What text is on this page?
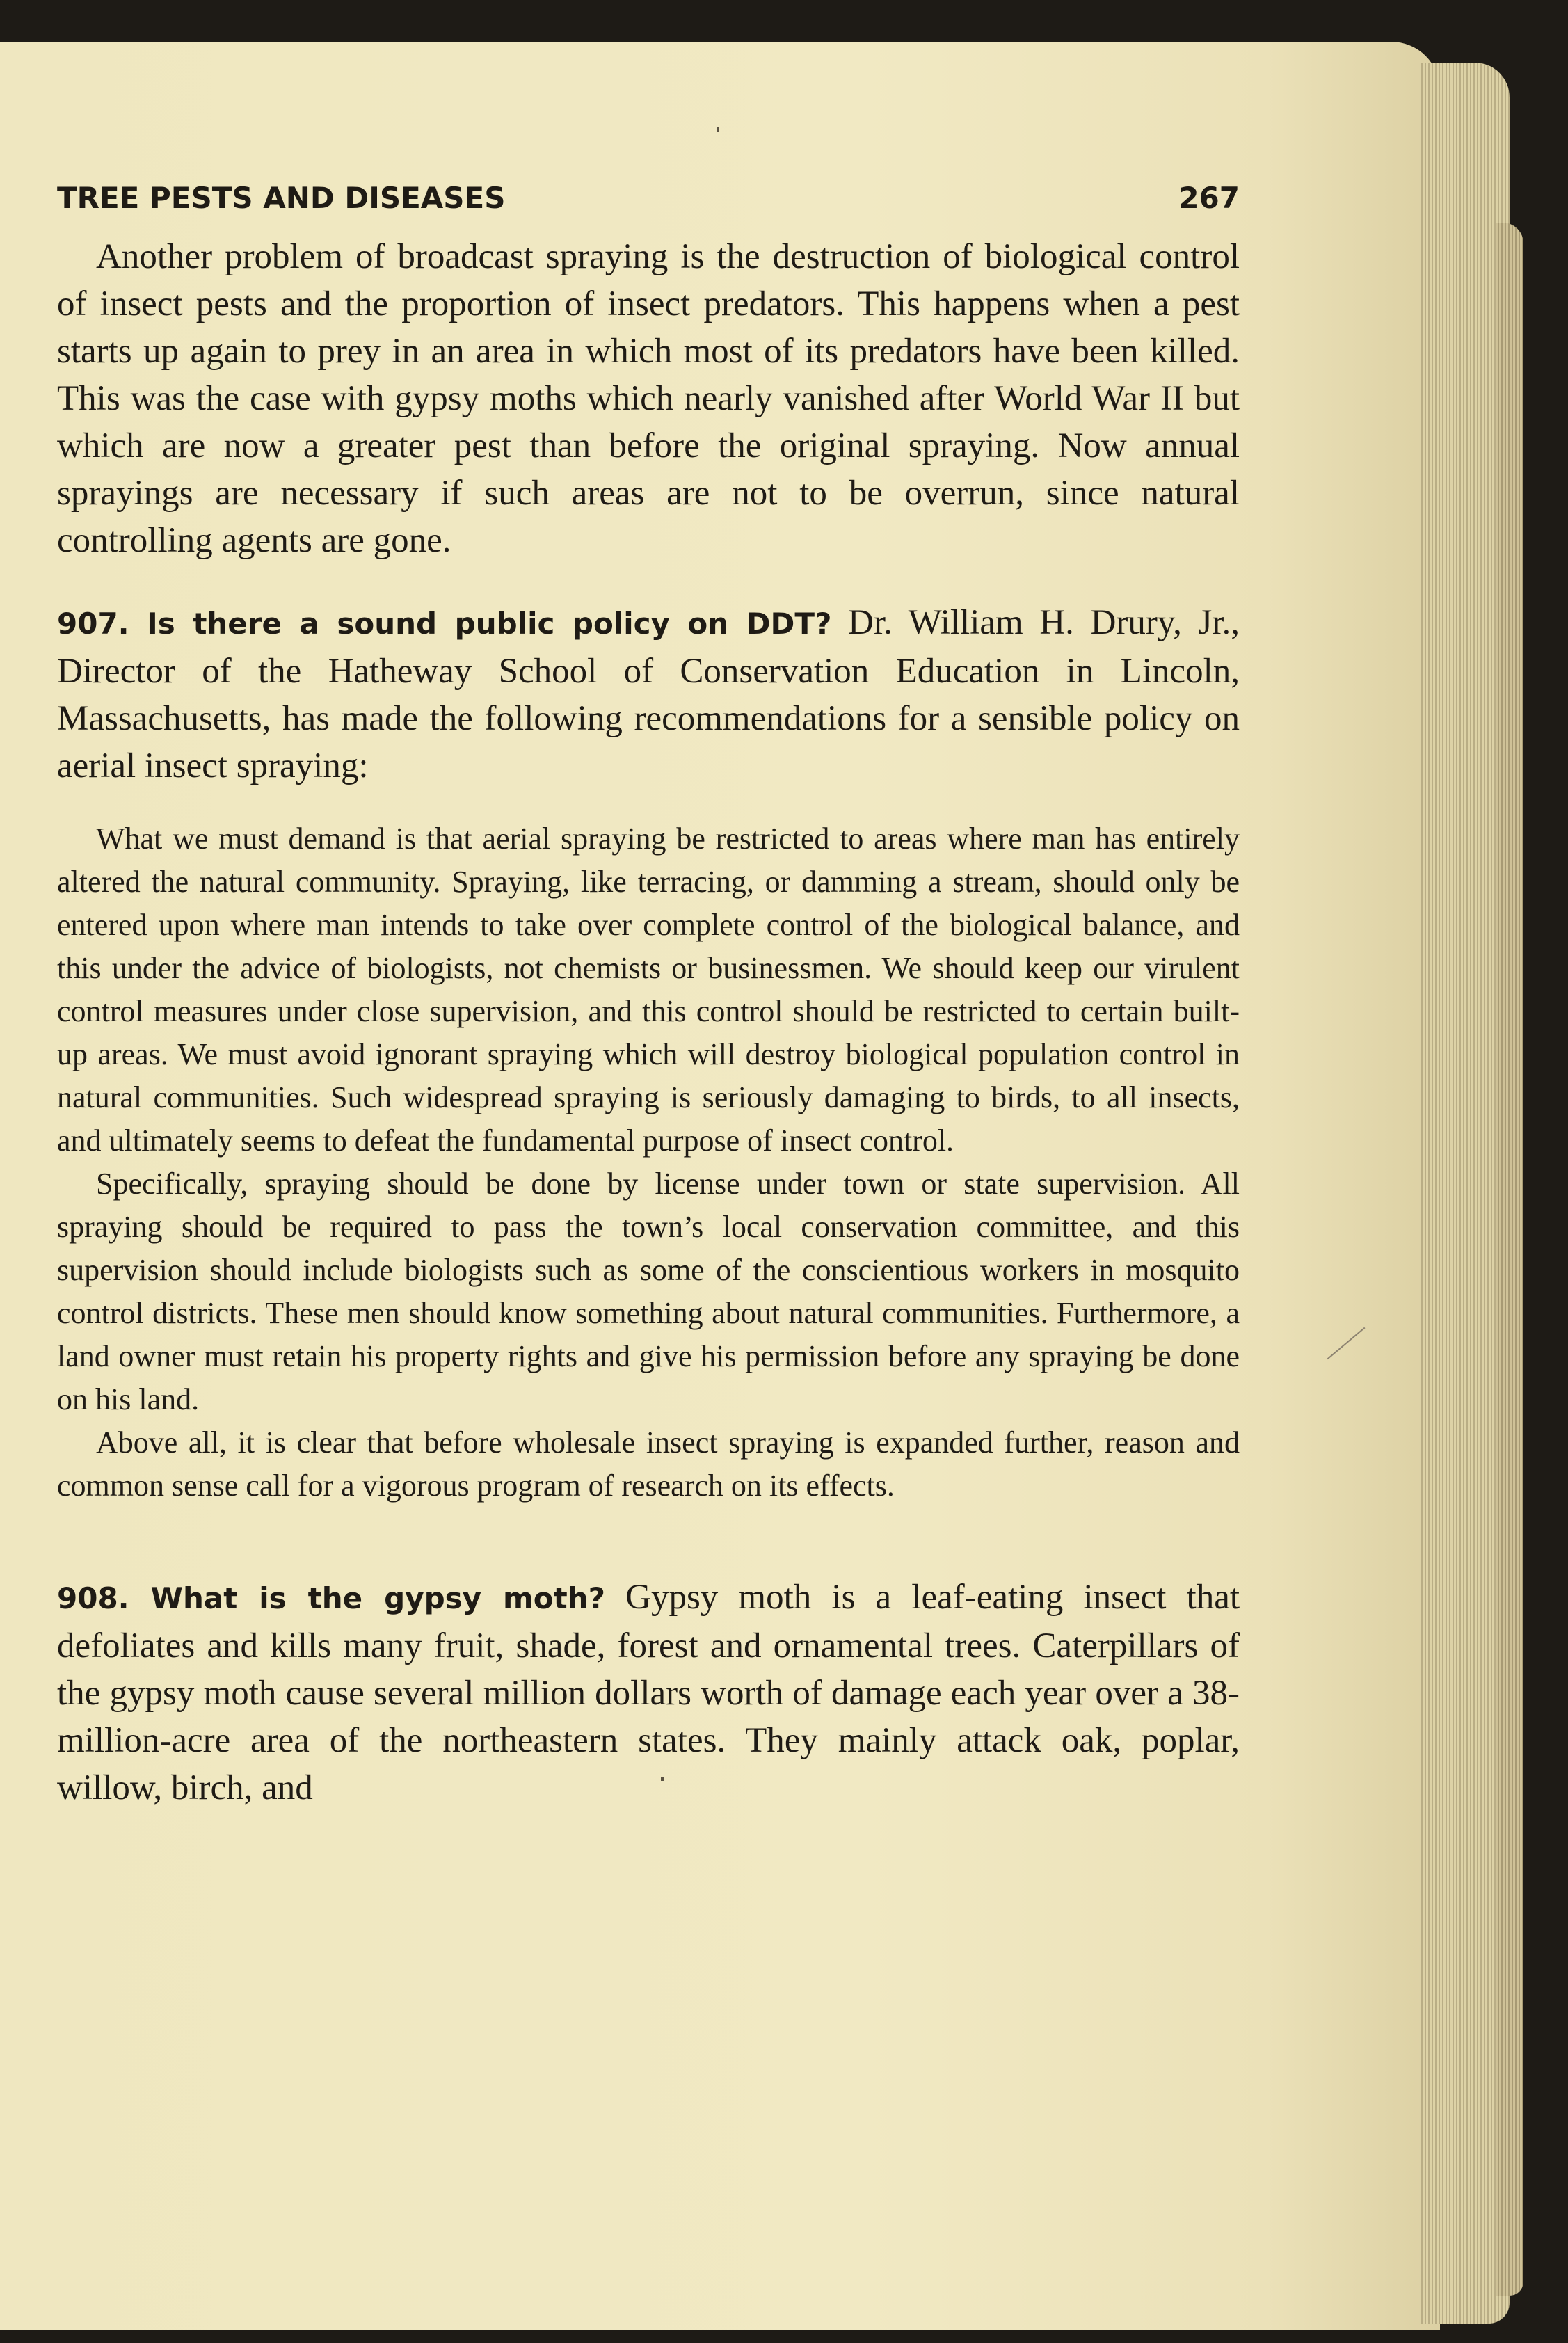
TREE PESTS AND DISEASES	267

Another problem of broadcast spraying is the destruction of biological control of insect pests and the proportion of insect predators. This happens when a pest starts up again to prey in an area in which most of its predators have been killed. This was the case with gypsy moths which nearly vanished after World War II but which are now a greater pest than before the original spraying. Now annual sprayings are necessary if such areas are not to be overrun, since natural controlling agents are gone.

907. Is there a sound public policy on DDT? Dr. William H. Drury, Jr., Director of the Hatheway School of Conservation Education in Lincoln, Massachusetts, has made the following recommendations for a sensible policy on aerial insect spraying:

What we must demand is that aerial spraying be restricted to areas where man has entirely altered the natural community. Spraying, like terracing, or damming a stream, should only be entered upon where man intends to take over complete control of the biological balance, and this under the advice of biologists, not chemists or businessmen. We should keep our virulent control measures under close supervision, and this control should be restricted to certain built-up areas. We must avoid ignorant spraying which will destroy biological population control in natural communities. Such widespread spraying is seriously damaging to birds, to all insects, and ultimately seems to defeat the fundamental purpose of insect control.

Specifically, spraying should be done by license under town or state supervision. All spraying should be required to pass the town’s local conservation committee, and this supervision should include biologists such as some of the conscientious workers in mosquito control districts. These men should know something about natural communities. Furthermore, a land owner must retain his property rights and give his permission before any spraying be done on his land.

Above all, it is clear that before wholesale insect spraying is expanded further, reason and common sense call for a vigorous program of research on its effects.

908. What is the gypsy moth? Gypsy moth is a leaf-eating insect that defoliates and kills many fruit, shade, forest and ornamental trees. Caterpillars of the gypsy moth cause several million dollars worth of damage each year over a 38-million-acre area of the northeastern states. They mainly attack oak, poplar, willow, birch, and
